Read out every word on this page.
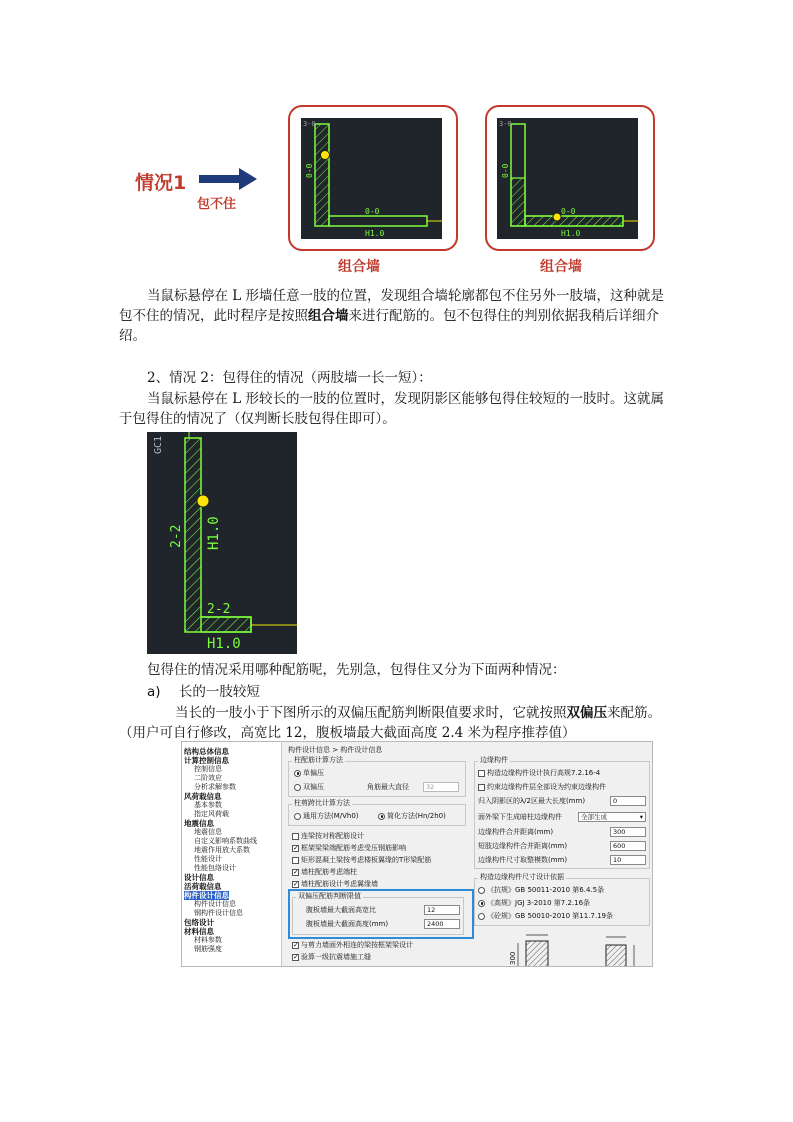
情况1
包不住
3-0
0-0
0-0
H1.0
3-0
0-0
0-0
H1.0
组合墙	组合墙

当鼠标悬停在 L 形墙任意一肢的位置，发现组合墙轮廓都包不住另外一肢墙，这种就是包不住的情况，此时程序是按照组合墙来进行配筋的。包不包得住的判别依据我稍后详细介绍。

2、情况 2：包得住的情况（两肢墙一长一短）：

当鼠标悬停在 L 形较长的一肢的位置时，发现阴影区能够包得住较短的一肢时。这就属于包得住的情况了（仅判断长肢包得住即可）。

GC1
2-2 H1.0
2-2
H1.0

包得住的情况采用哪种配筋呢，先别急，包得住又分为下面两种情况：

a) 长的一肢较短

当长的一肢小于下图所示的双偏压配筋判断限值要求时，它就按照双偏压来配筋。（用户可自行修改，高宽比 12，腹板墙最大截面高度 2.4 米为程序推荐值）

结构总体信息
计算控制信息
控制信息
二阶效应
分析求解参数
风荷载信息
基本参数
指定风荷载
地震信息
地震信息
自定义影响系数曲线
地震作用放大系数
性能设计
性能包络设计
设计信息
活荷载信息
构件设计信息
构件设计信息
钢构件设计信息
包络设计
材料信息
材料参数
钢筋强度
构件设计信息 > 构件设计信息
柱配筋计算方法
单偏压
双偏压	角筋最大直径	32
柱剪跨比计算方法
通用方法(M/Vh0)	简化方法(Hn/2h0)
连梁按对称配筋设计
✓
框架梁梁端配筋考虑受压钢筋影响
矩形混凝土梁按考虑楼板翼缘的T形梁配筋
✓
墙柱配筋考虑端柱
✓
墙柱配筋设计考虑翼缘墙
双偏压配筋判断限值
腹板墙最大截面高宽比	12
腹板墙最大截面高度(mm)	2400
✓
与剪力墙面外相连的梁按框架梁设计
✓
验算一级抗震墙施工缝
边缘构件
构造边缘构件设计执行高规7.2.16-4
约束边缘构件层全部设为约束边缘构件
归入阴影区的λ/2区最大长度(mm)	0
面外梁下生成暗柱边缘构件	全部生成	▾
边缘构件合并距离(mm)	300
短肢边缘构件合并距离(mm)	600
边缘构件尺寸取整模数(mm)	10
构造边缘构件尺寸设计依据
《抗规》GB 50011-2010 第6.4.5条
《高规》JGJ 3-2010 第7.2.16条
《砼规》GB 50010-2010 第11.7.19条
300
